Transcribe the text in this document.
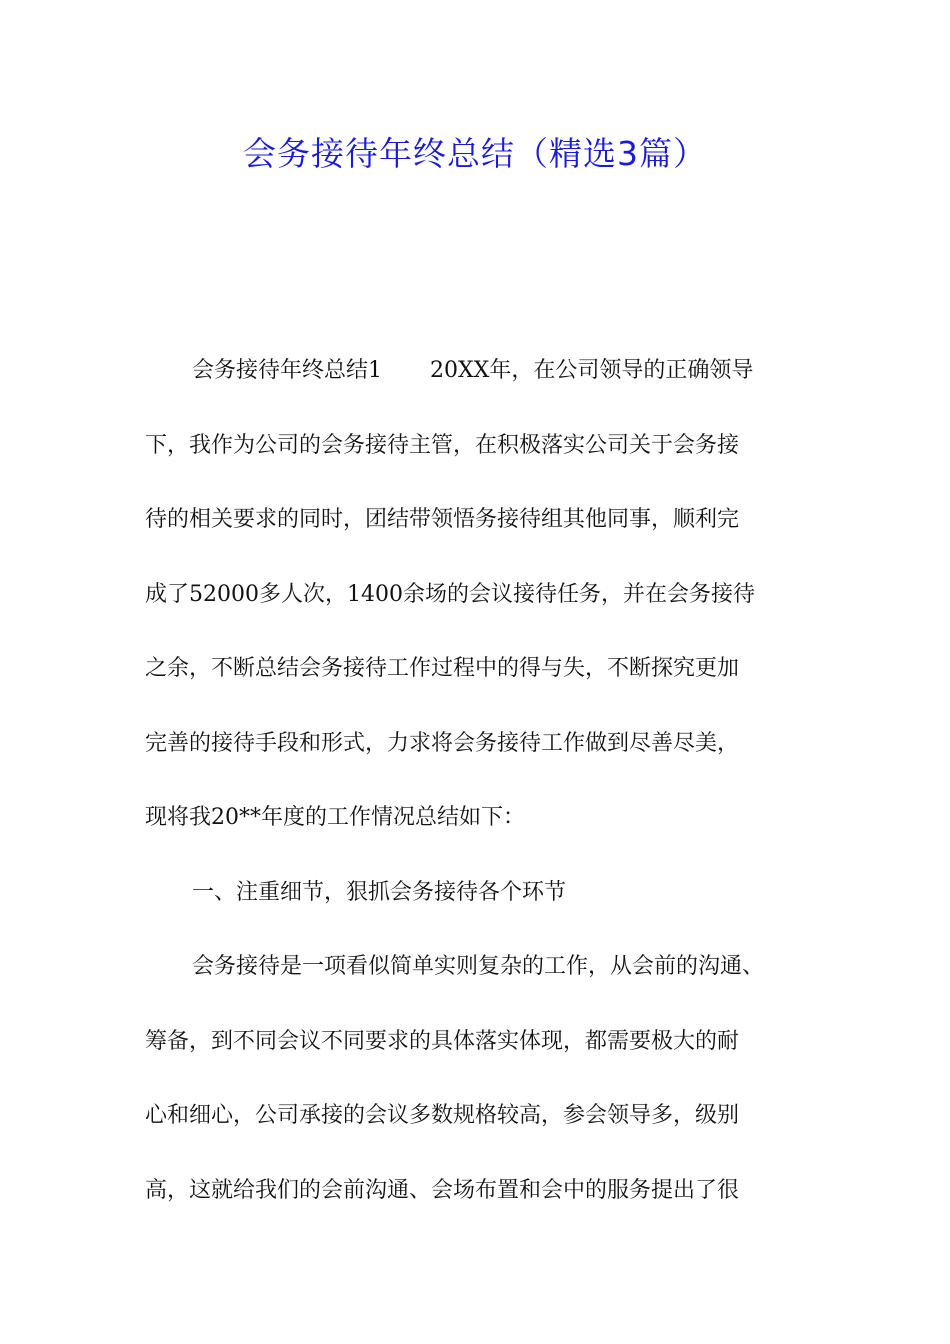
会务接待年终总结（精选3篇）
会务接待年终总结1 20XX年，在公司领导的正确领导
下，我作为公司的会务接待主管，在积极落实公司关于会务接
待的相关要求的同时，团结带领悟务接待组其他同事，顺利完
成了52000多人次，1400余场的会议接待任务，并在会务接待
之余，不断总结会务接待工作过程中的得与失，不断探究更加
完善的接待手段和形式，力求将会务接待工作做到尽善尽美，
现将我20**年度的工作情况总结如下：
一、注重细节，狠抓会务接待各个环节
会务接待是一项看似简单实则复杂的工作，从会前的沟通、
筹备，到不同会议不同要求的具体落实体现，都需要极大的耐
心和细心，公司承接的会议多数规格较高，参会领导多，级别
高，这就给我们的会前沟通、会场布置和会中的服务提出了很
